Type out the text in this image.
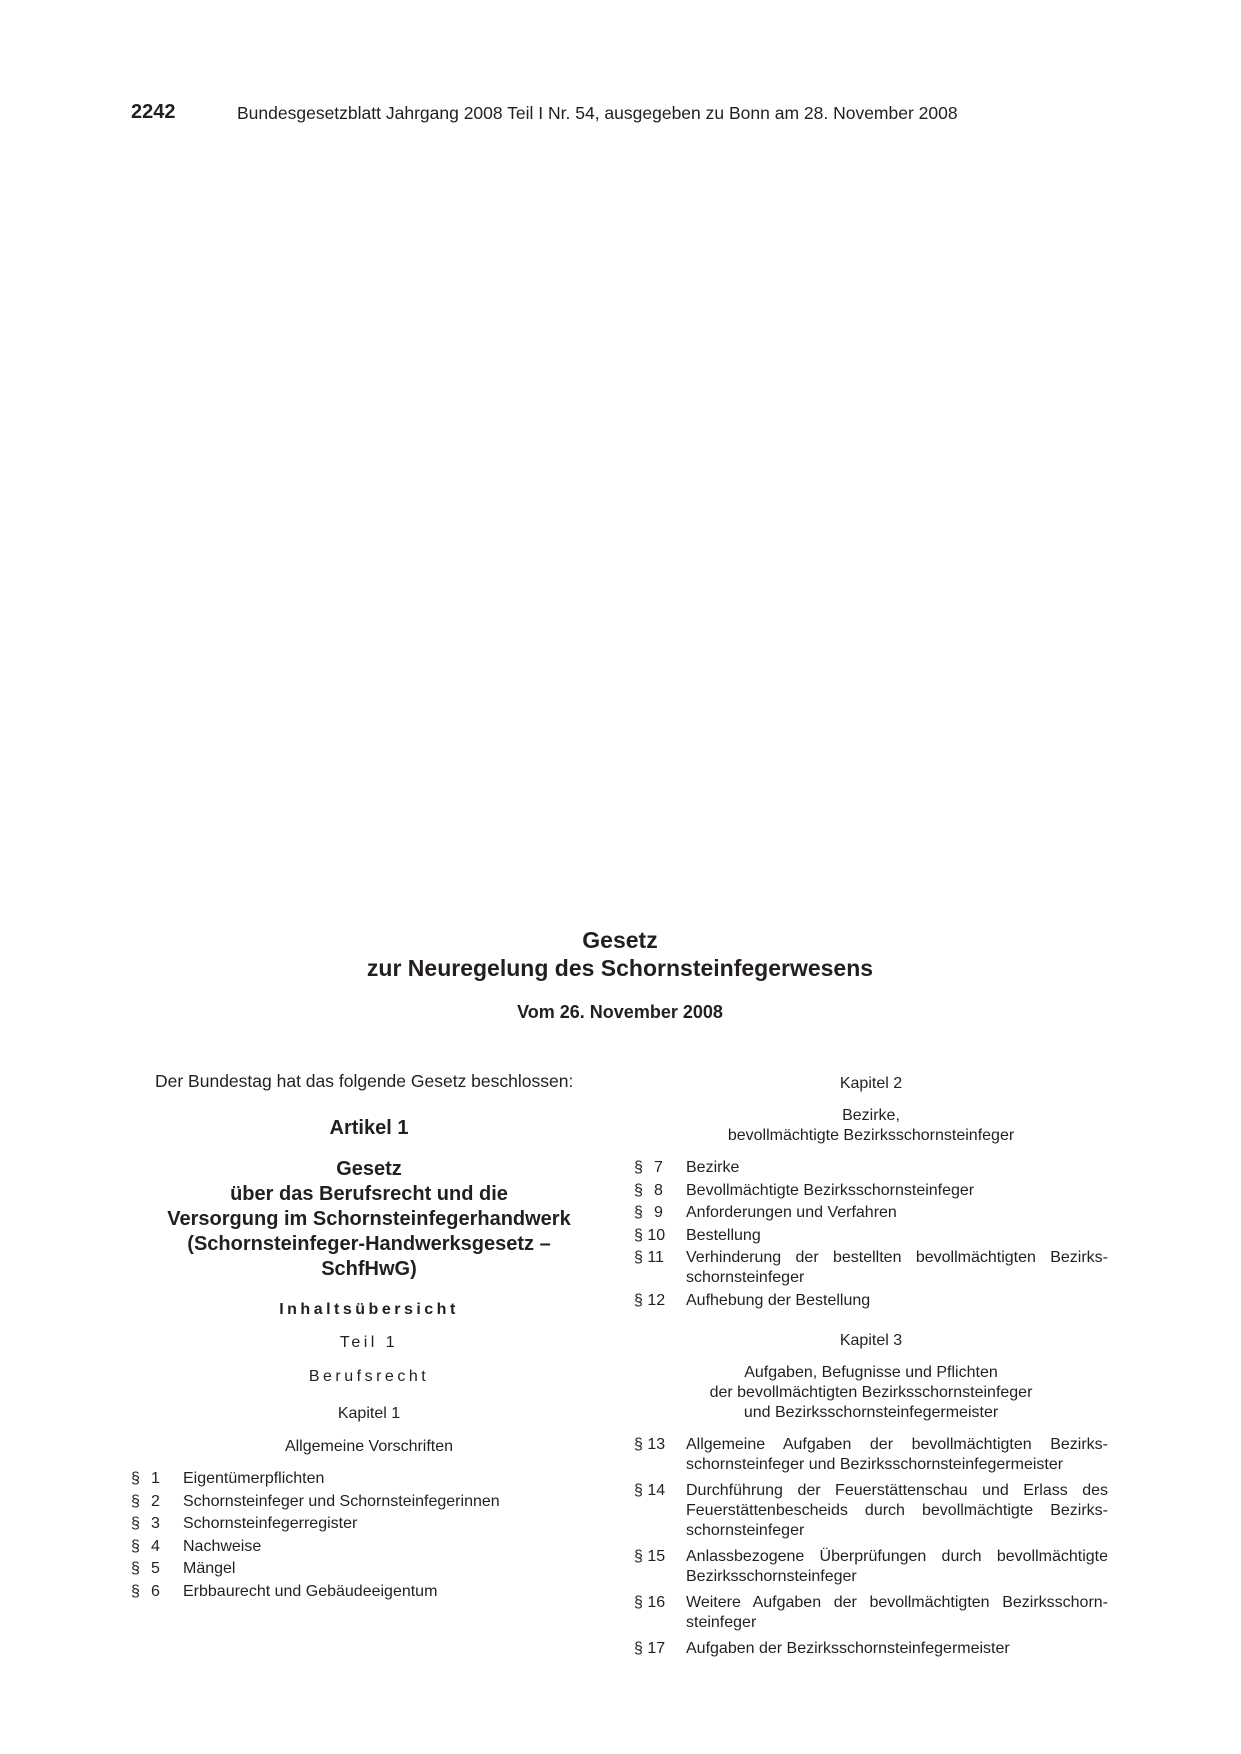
2242	Bundesgesetzblatt Jahrgang 2008 Teil I Nr. 54, ausgegeben zu Bonn am 28. November 2008
Gesetz
zur Neuregelung des Schornsteinfegerwesens
Vom 26. November 2008

Der Bundestag hat das folgende Gesetz beschlossen:

Artikel 1
Gesetz
über das Berufsrecht und die
Versorgung im Schornsteinfegerhandwerk
(Schornsteinfeger-Handwerksgesetz –
SchfHwG)
Inhaltsübersicht
Teil 1
Berufsrecht
Kapitel 1
Allgemeine Vorschriften
§ 1	Eigentümerpflichten
§ 2	Schornsteinfeger und Schornsteinfegerinnen
§ 3	Schornsteinfegerregister
§ 4	Nachweise
§ 5	Mängel
§ 6	Erbbaurecht und Gebäudeeigentum
Kapitel 2
Bezirke,
bevollmächtigte Bezirksschornsteinfeger
§ 7	Bezirke
§ 8	Bevollmächtigte Bezirksschornsteinfeger
§ 9	Anforderungen und Verfahren
§ 10	Bestellung
§ 11	Verhinderung der bestellten bevollmächtigten Bezirksschornsteinfeger
§ 12	Aufhebung der Bestellung
Kapitel 3
Aufgaben, Befugnisse und Pflichten
der bevollmächtigten Bezirksschornsteinfeger
und Bezirksschornsteinfegermeister
§ 13	Allgemeine Aufgaben der bevollmächtigten Bezirksschornsteinfeger und Bezirksschornsteinfegermeister
§ 14	Durchführung der Feuerstättenschau und Erlass des Feuerstättenbescheids durch bevollmächtigte Bezirksschornsteinfeger
§ 15	Anlassbezogene Überprüfungen durch bevollmächtigte Bezirksschornsteinfeger
§ 16	Weitere Aufgaben der bevollmächtigten Bezirksschornsteinfeger
§ 17	Aufgaben der Bezirksschornsteinfegermeister
